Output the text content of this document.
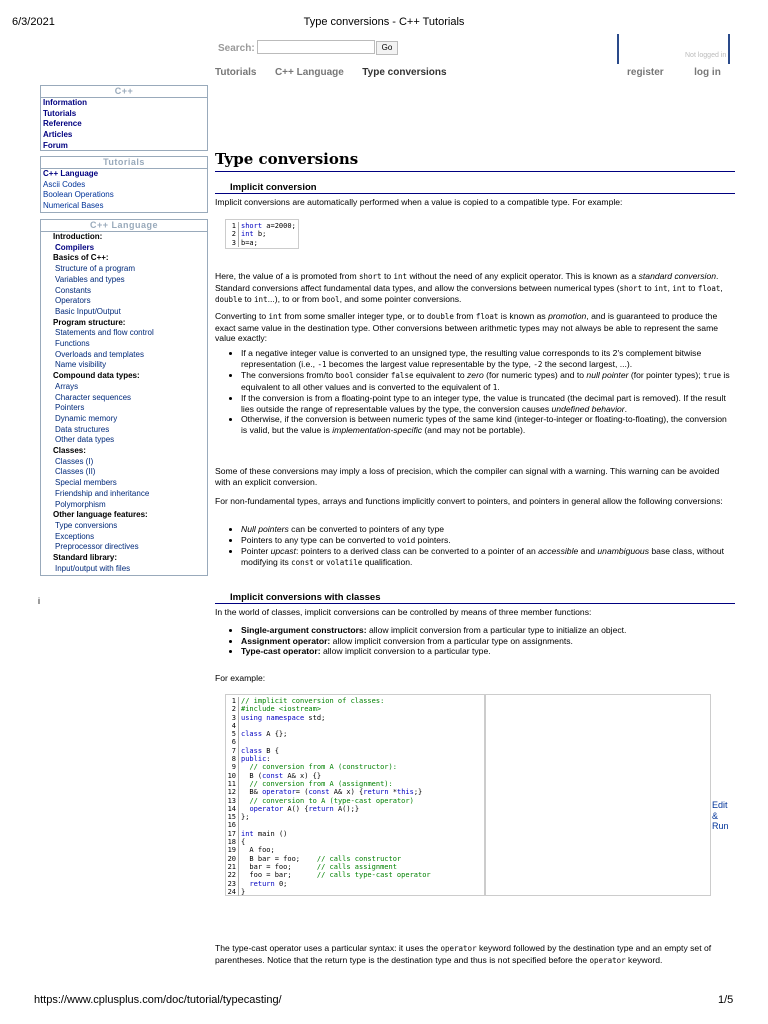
6/3/2021	Type conversions - C++ Tutorials
Search:	Go
Not logged in
Tutorials C++ Language Type conversions	register	log in
C++
Information
Tutorials
Reference
Articles
Forum
Tutorials
C++ Language
Ascii Codes
Boolean Operations
Numerical Bases
C++ Language
Introduction:
Compilers
Basics of C++:
Structure of a program
Variables and types
Constants
Operators
Basic Input/Output
Program structure:
Statements and flow control
Functions
Overloads and templates
Name visibility
Compound data types:
Arrays
Character sequences
Pointers
Dynamic memory
Data structures
Other data types
Classes:
Classes (I)
Classes (II)
Special members
Friendship and inheritance
Polymorphism
Other language features:
Type conversions
Exceptions
Preprocessor directives
Standard library:
Input/output with files
i
Type conversions
Implicit conversion
Implicit conversions are automatically performed when a value is copied to a compatible type. For example:
1
2
3
short a=2000;
int b;
b=a;

Here, the value of a is promoted from short to int without the need of any explicit operator. This is known as a standard conversion. Standard conversions affect fundamental data types, and allow the conversions between numerical types (short to int, int to float, double to int...), to or from bool, and some pointer conversions.

Converting to int from some smaller integer type, or to double from float is known as promotion, and is guaranteed to produce the exact same value in the destination type. Other conversions between arithmetic types may not always be able to represent the same value exactly:

• If a negative integer value is converted to an unsigned type, the resulting value corresponds to its 2's complement bitwise representation (i.e., -1 becomes the largest value representable by the type, -2 the second largest, ...).
• The conversions from/to bool consider false equivalent to zero (for numeric types) and to null pointer (for pointer types); true is equivalent to all other values and is converted to the equivalent of 1.
• If the conversion is from a floating-point type to an integer type, the value is truncated (the decimal part is removed). If the result lies outside the range of representable values by the type, the conversion causes undefined behavior.
• Otherwise, if the conversion is between numeric types of the same kind (integer-to-integer or floating-to-floating), the conversion is valid, but the value is implementation-specific (and may not be portable).
Some of these conversions may imply a loss of precision, which the compiler can signal with a warning. This warning can be avoided with an explicit conversion.
For non-fundamental types, arrays and functions implicitly convert to pointers, and pointers in general allow the following conversions:
• Null pointers can be converted to pointers of any type
• Pointers to any type can be converted to void pointers.
• Pointer upcast: pointers to a derived class can be converted to a pointer of an accessible and unambiguous base class, without modifying its const or volatile qualification.
Implicit conversions with classes
In the world of classes, implicit conversions can be controlled by means of three member functions:
• Single-argument constructors: allow implicit conversion from a particular type to initialize an object.
• Assignment operator: allow implicit conversion from a particular type on assignments.
• Type-cast operator: allow implicit conversion to a particular type.
For example:
1
2
3
4
5
6
7
8
9
10
11
12
13
14
15
16
17
18
19
20
21
22
23
24
// implicit conversion of classes:
#include <iostream>
using namespace std;

class A {};

class B {
public:
// conversion from A (constructor):
B (const A& x) {}
// conversion from A (assignment):
B& operator= (const A& x) {return *this;}
// conversion to A (type-cast operator)
operator A() {return A();}
};

int main ()
{
A foo;
B bar = foo;    // calls constructor
bar = foo;	// calls assignment
foo = bar;	// calls type-cast operator
return 0;
}
Edit
&
Run

The type-cast operator uses a particular syntax: it uses the operator keyword followed by the destination type and an empty set of parentheses. Notice that the return type is the destination type and thus is not specified before the operator keyword.

https://www.cplusplus.com/doc/tutorial/typecasting/	1/5
